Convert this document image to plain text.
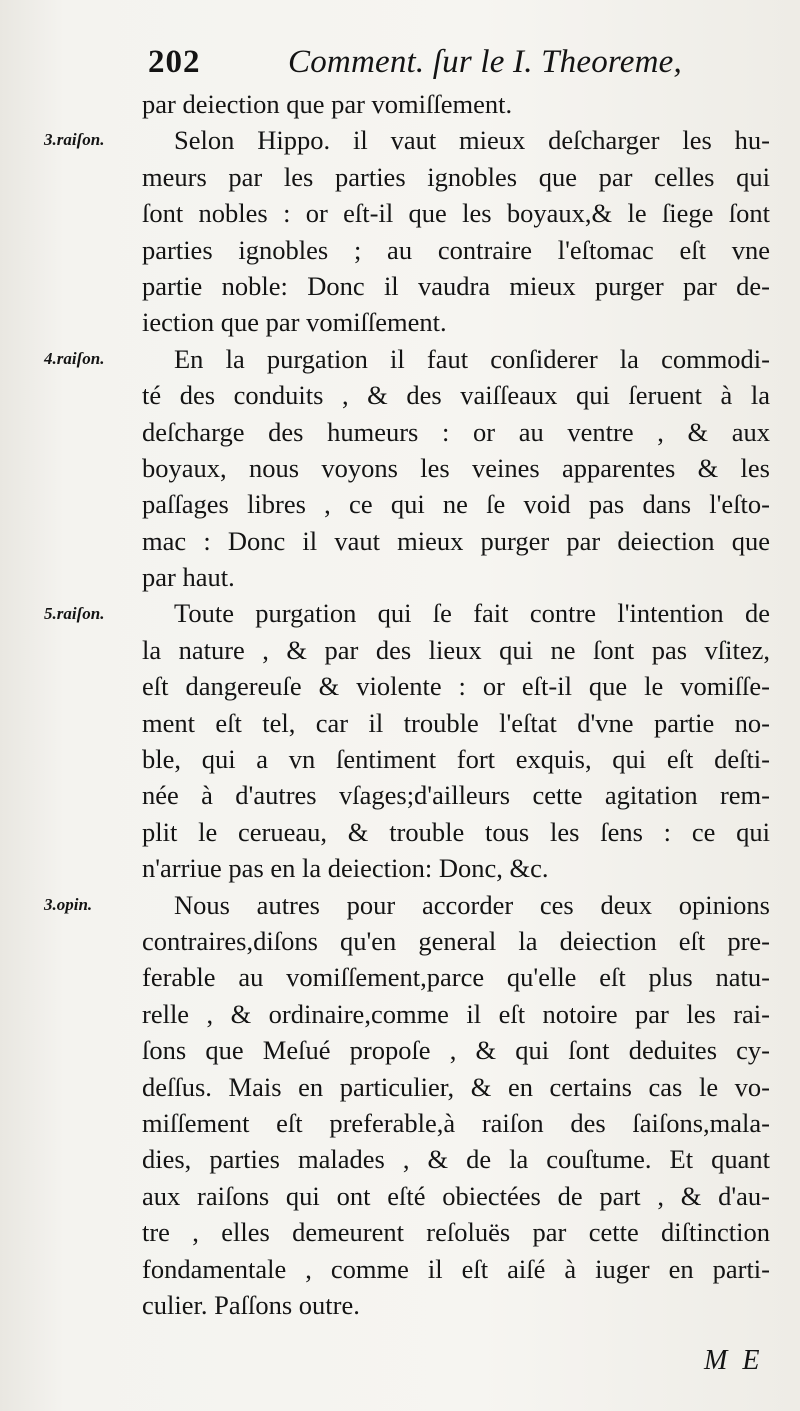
202	Comment. ſur le I. Theoreme,
3.raiſon.
4.raiſon.
5.raiſon.
3.opin.
par deiection que par vomiſſement.
Selon Hippo. il vaut mieux deſcharger les hu-
meurs par les parties ignobles que par celles qui
ſont nobles : or eſt-il que les boyaux,& le ſiege ſont
parties ignobles ; au contraire l'eſtomac eſt vne
partie noble: Donc il vaudra mieux purger par de-
iection que par vomiſſement.
En la purgation il faut conſiderer la commodi-
té des conduits , & des vaiſſeaux qui ſeruent à la
deſcharge des humeurs : or au ventre , & aux
boyaux, nous voyons les veines apparentes & les
paſſages libres , ce qui ne ſe void pas dans l'eſto-
mac : Donc il vaut mieux purger par deiection que
par haut.
Toute purgation qui ſe fait contre l'intention de
la nature , & par des lieux qui ne ſont pas vſitez,
eſt dangereuſe & violente : or eſt-il que le vomiſſe-
ment eſt tel, car il trouble l'eſtat d'vne partie no-
ble, qui a vn ſentiment fort exquis, qui eſt deſti-
née à d'autres vſages;d'ailleurs cette agitation rem-
plit le cerueau, & trouble tous les ſens : ce qui
n'arriue pas en la deiection: Donc, &c.
Nous autres pour accorder ces deux opinions
contraires,diſons qu'en general la deiection eſt pre-
ferable au vomiſſement,parce qu'elle eſt plus natu-
relle , & ordinaire,comme il eſt notoire par les rai-
ſons que Meſué propoſe , & qui ſont deduites cy-
deſſus. Mais en particulier, & en certains cas le vo-
miſſement eſt preferable,à raiſon des ſaiſons,mala-
dies, parties malades , & de la couſtume. Et quant
aux raiſons qui ont eſté obiectées de part , & d'au-
tre , elles demeurent reſoluës par cette diſtinction
fondamentale , comme il eſt aiſé à iuger en parti-
culier. Paſſons outre.
M E
